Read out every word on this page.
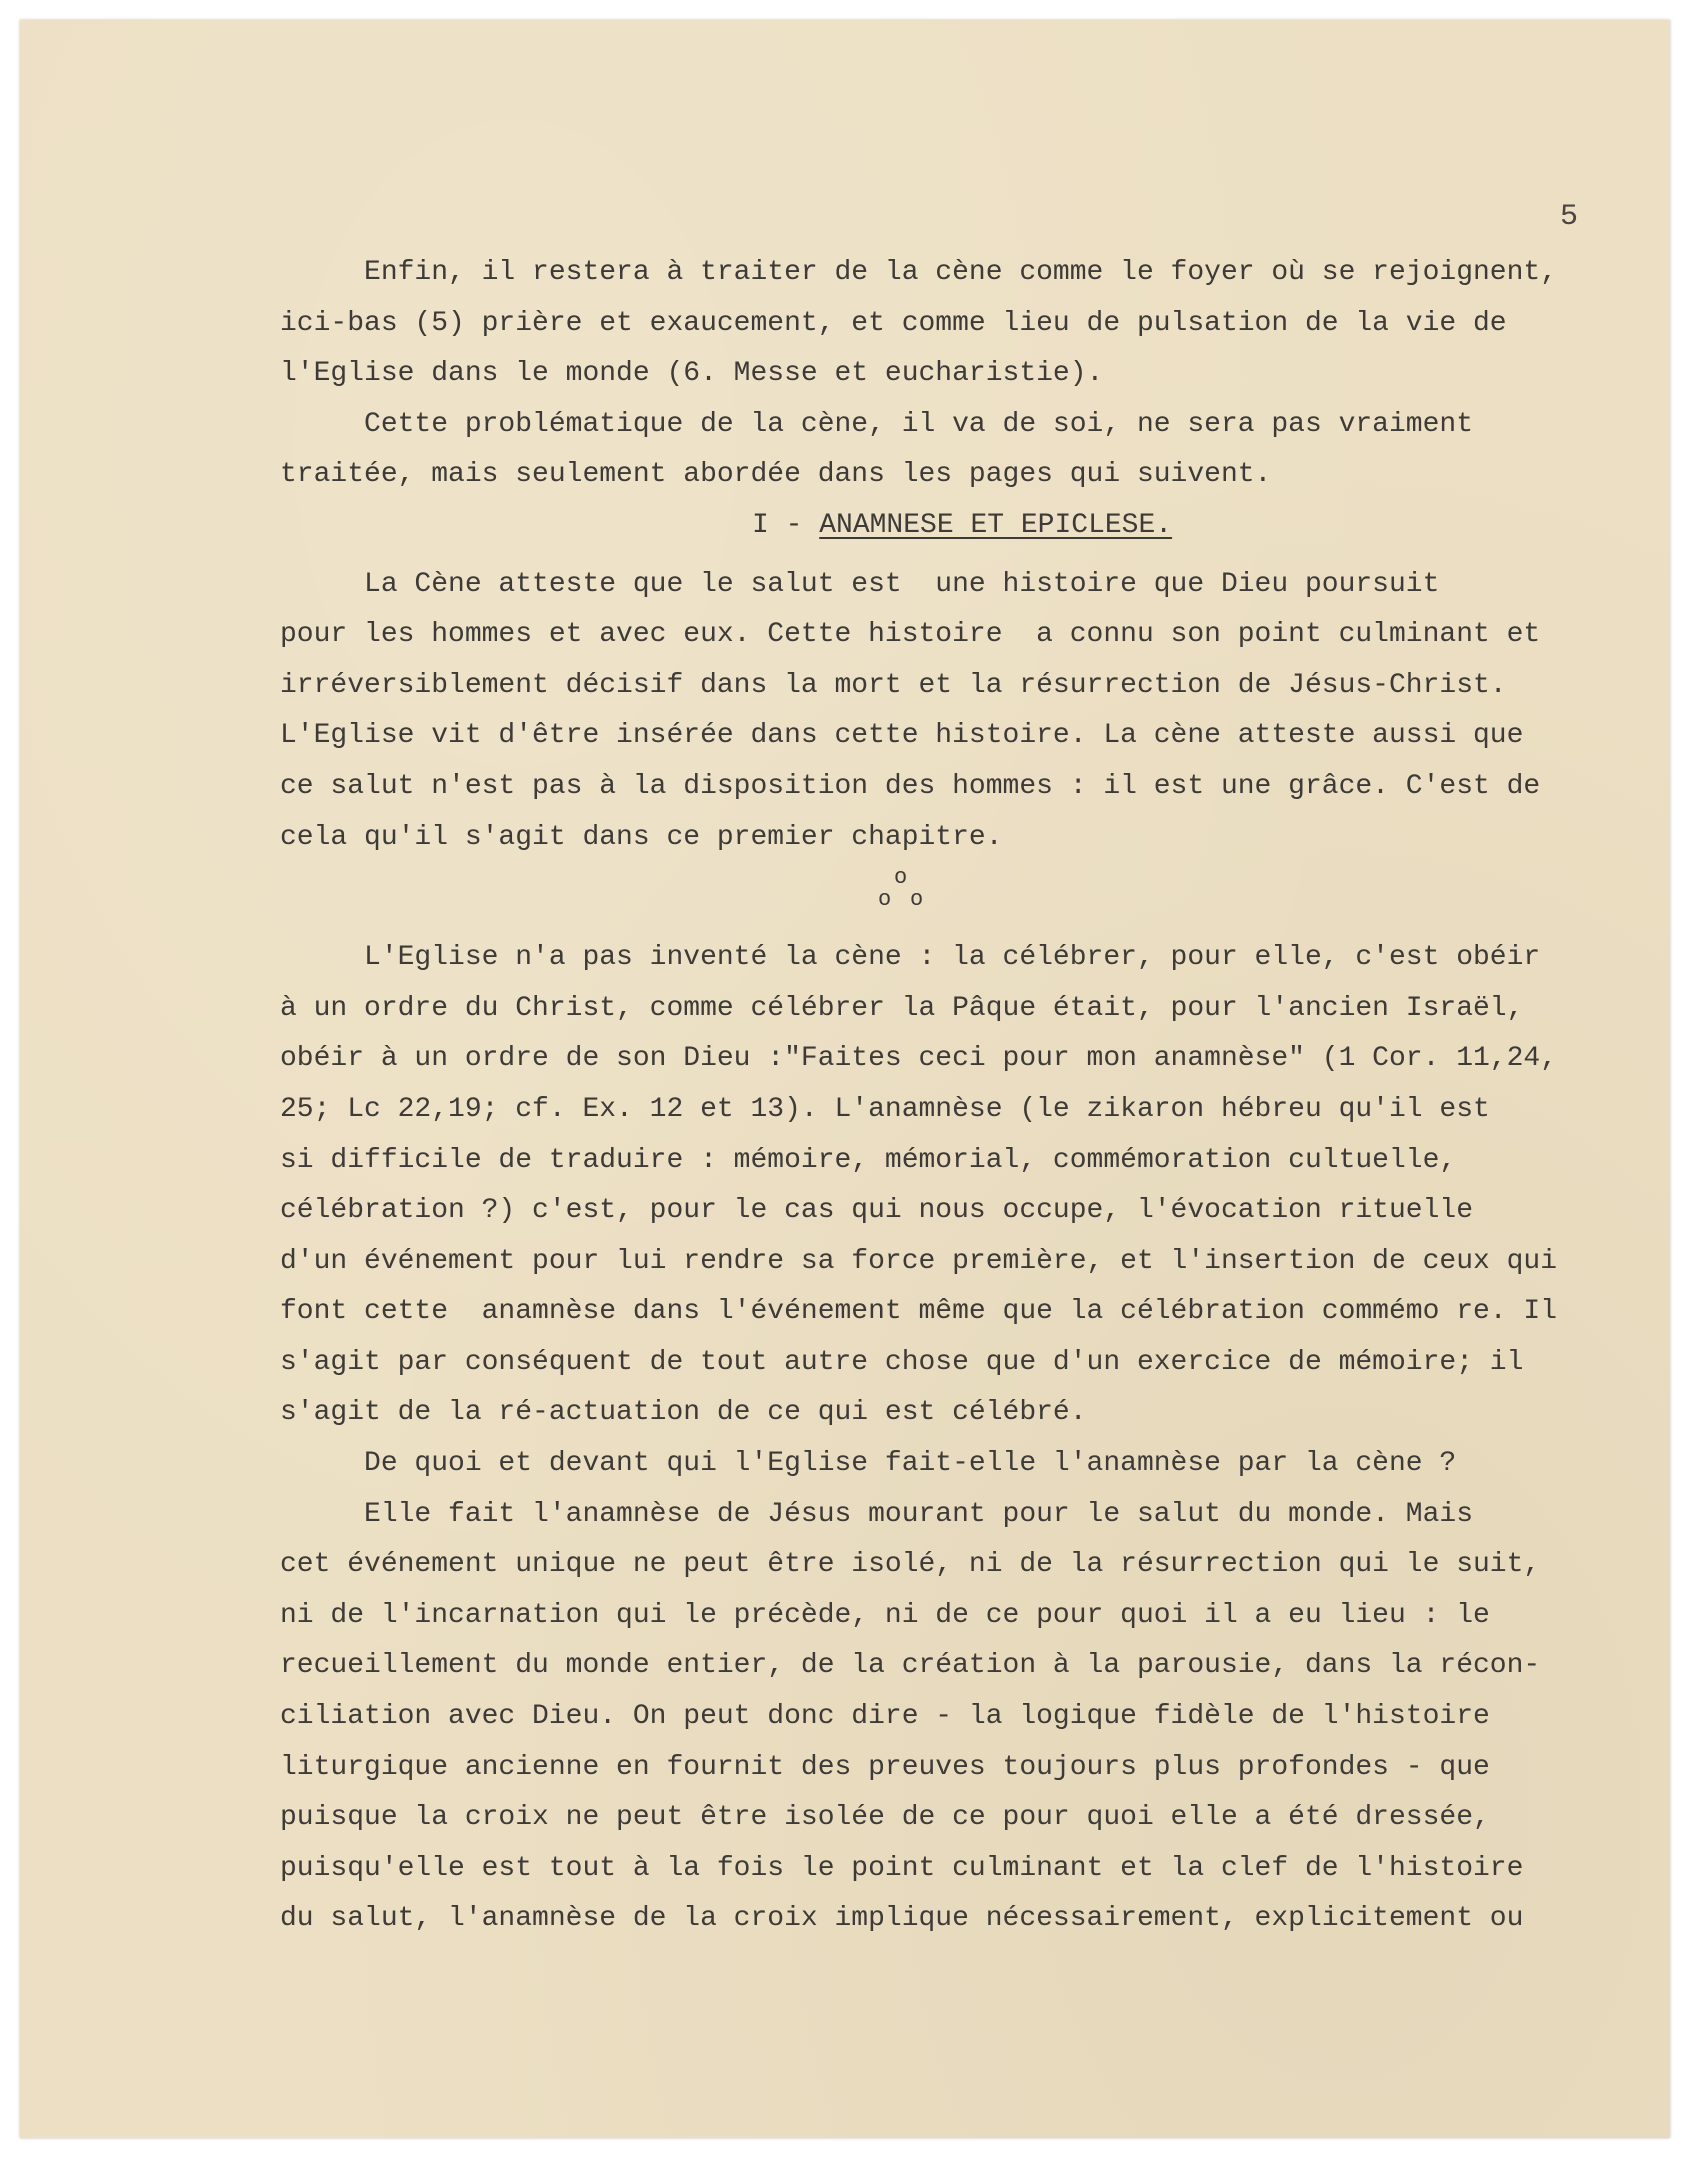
5
Enfin, il restera à traiter de la cène comme le foyer où se rejoignent,
ici-bas (5) prière et exaucement, et comme lieu de pulsation de la vie de
l'Eglise dans le monde (6. Messe et eucharistie).
Cette problématique de la cène, il va de soi, ne sera pas vraiment
traitée, mais seulement abordée dans les pages qui suivent.
I - ANAMNESE ET EPICLESE.
La Cène atteste que le salut est  une histoire que Dieu poursuit
pour les hommes et avec eux. Cette histoire  a connu son point culminant et
irréversiblement décisif dans la mort et la résurrection de Jésus-Christ.
L'Eglise vit d'être insérée dans cette histoire. La cène atteste aussi que
ce salut n'est pas à la disposition des hommes : il est une grâce. C'est de
cela qu'il s'agit dans ce premier chapitre.
o
o o
L'Eglise n'a pas inventé la cène : la célébrer, pour elle, c'est obéir
à un ordre du Christ, comme célébrer la Pâque était, pour l'ancien Israël,
obéir à un ordre de son Dieu :"Faites ceci pour mon anamnèse" (1 Cor. 11,24,
25; Lc 22,19; cf. Ex. 12 et 13). L'anamnèse (le zikaron hébreu qu'il est
si difficile de traduire : mémoire, mémorial, commémoration cultuelle,
célébration ?) c'est, pour le cas qui nous occupe, l'évocation rituelle
d'un événement pour lui rendre sa force première, et l'insertion de ceux qui
font cette  anamnèse dans l'événement même que la célébration commémo re. Il
s'agit par conséquent de tout autre chose que d'un exercice de mémoire; il
s'agit de la ré-actuation de ce qui est célébré.
De quoi et devant qui l'Eglise fait-elle l'anamnèse par la cène ?
Elle fait l'anamnèse de Jésus mourant pour le salut du monde. Mais
cet événement unique ne peut être isolé, ni de la résurrection qui le suit,
ni de l'incarnation qui le précède, ni de ce pour quoi il a eu lieu : le
recueillement du monde entier, de la création à la parousie, dans la récon-
ciliation avec Dieu. On peut donc dire - la logique fidèle de l'histoire
liturgique ancienne en fournit des preuves toujours plus profondes - que
puisque la croix ne peut être isolée de ce pour quoi elle a été dressée,
puisqu'elle est tout à la fois le point culminant et la clef de l'histoire
du salut, l'anamnèse de la croix implique nécessairement, explicitement ou
